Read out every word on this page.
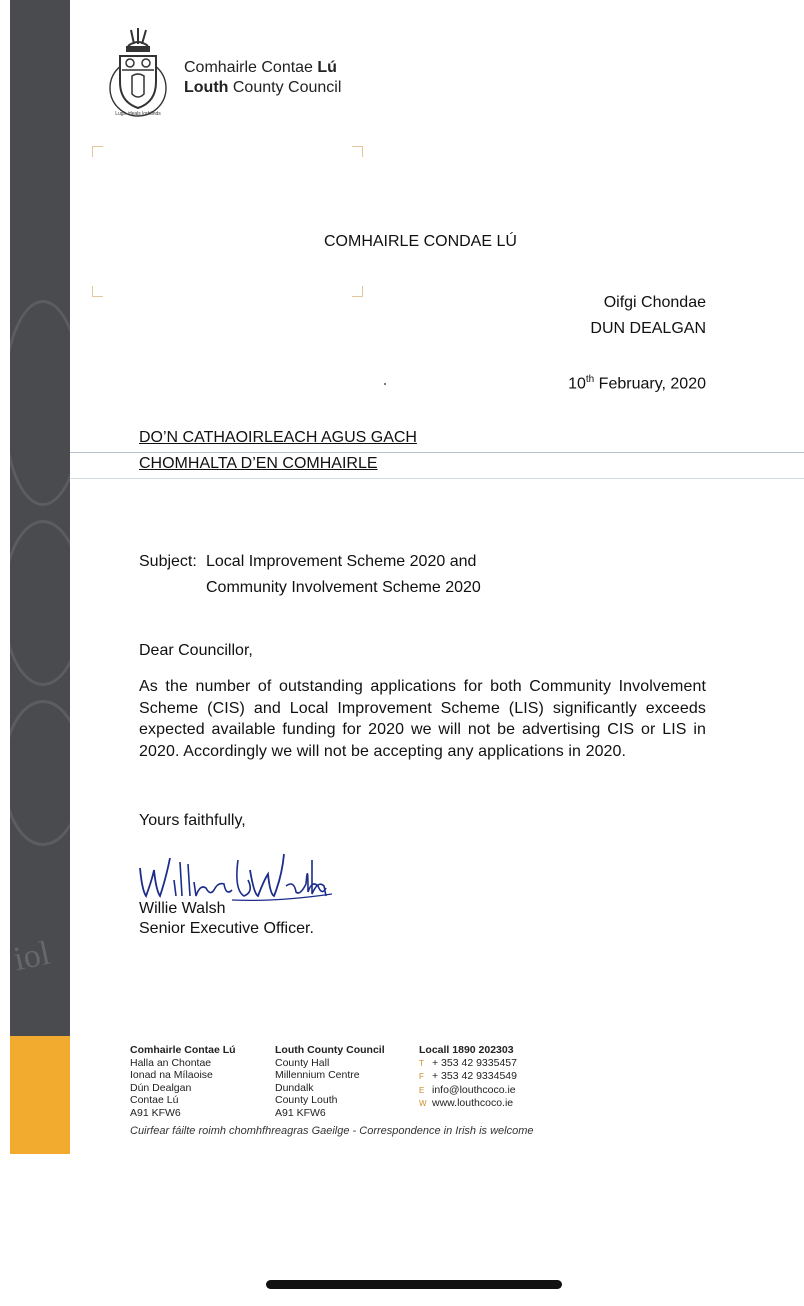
iol
Lugh ideals lorhlinds
Comhairle Contae Lú
Louth County Council
COMHAIRLE CONDAE LÚ
Oifgi Chondae
DUN DEALGAN
10th February, 2020
DO’N CATHAOIRLEACH AGUS GACH
CHOMHALTA D’EN COMHAIRLE
Subject: Local Improvement Scheme 2020 and
Community Involvement Scheme 2020
Dear Councillor,
As the number of outstanding applications for both Community Involvement Scheme (CIS) and Local Improvement Scheme (LIS) significantly exceeds expected available funding for 2020 we will not be advertising CIS or LIS in 2020. Accordingly we will not be accepting any applications in 2020.
Yours faithfully,
Willie Walsh
Senior Executive Officer.
Comhairle Contae Lú
Halla an Chontae
Ionad na Mílaoise
Dún Dealgan
Contae Lú
A91 KFW6
Louth County Council
County Hall
Millennium Centre
Dundalk
County Louth
A91 KFW6
Locall 1890 202303
T + 353 42 9335457
F + 353 42 9334549
E info@louthcoco.ie
W www.louthcoco.ie
Cuirfear fáilte roimh chomhfhreagras Gaeilge - Correspondence in Irish is welcome
